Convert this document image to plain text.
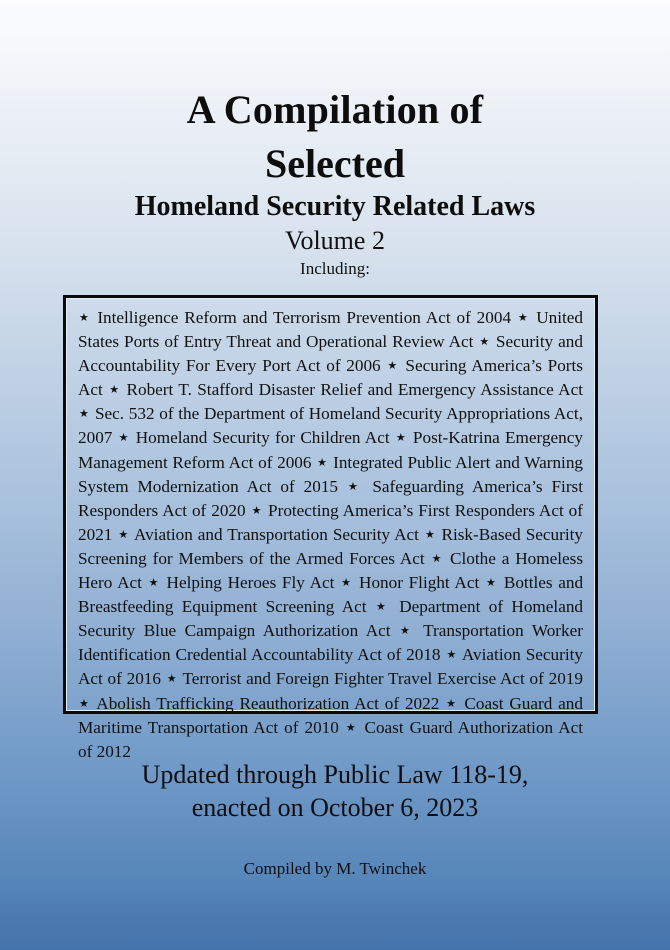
A Compilation of
Selected
Homeland Security Related Laws
Volume 2
Including:
★ Intelligence Reform and Terrorism Prevention Act of 2004 ★ United States Ports of Entry Threat and Operational Review Act ★ Security and Accountability For Every Port Act of 2006 ★ Securing America’s Ports Act ★ Robert T. Stafford Disaster Relief and Emergency Assistance Act ★ Sec. 532 of the Department of Homeland Security Appropriations Act, 2007 ★ Homeland Security for Children Act ★ Post-Katrina Emergency Management Reform Act of 2006 ★ Integrated Public Alert and Warning System Modernization Act of 2015 ★ Safeguarding America’s First Responders Act of 2020 ★ Protecting America’s First Responders Act of 2021 ★ Aviation and Transportation Security Act ★ Risk-Based Security Screening for Members of the Armed Forces Act ★ Clothe a Homeless Hero Act ★ Helping Heroes Fly Act ★ Honor Flight Act ★ Bottles and Breastfeeding Equipment Screening Act ★ Department of Homeland Security Blue Campaign Authorization Act ★ Transportation Worker Identification Credential Accountability Act of 2018 ★ Aviation Security Act of 2016 ★ Terrorist and Foreign Fighter Travel Exercise Act of 2019 ★ Abolish Trafficking Reauthorization Act of 2022 ★ Coast Guard and Maritime Transportation Act of 2010 ★ Coast Guard Authorization Act of 2012
Updated through Public Law 118-19,
enacted on October 6, 2023
Compiled by M. Twinchek
